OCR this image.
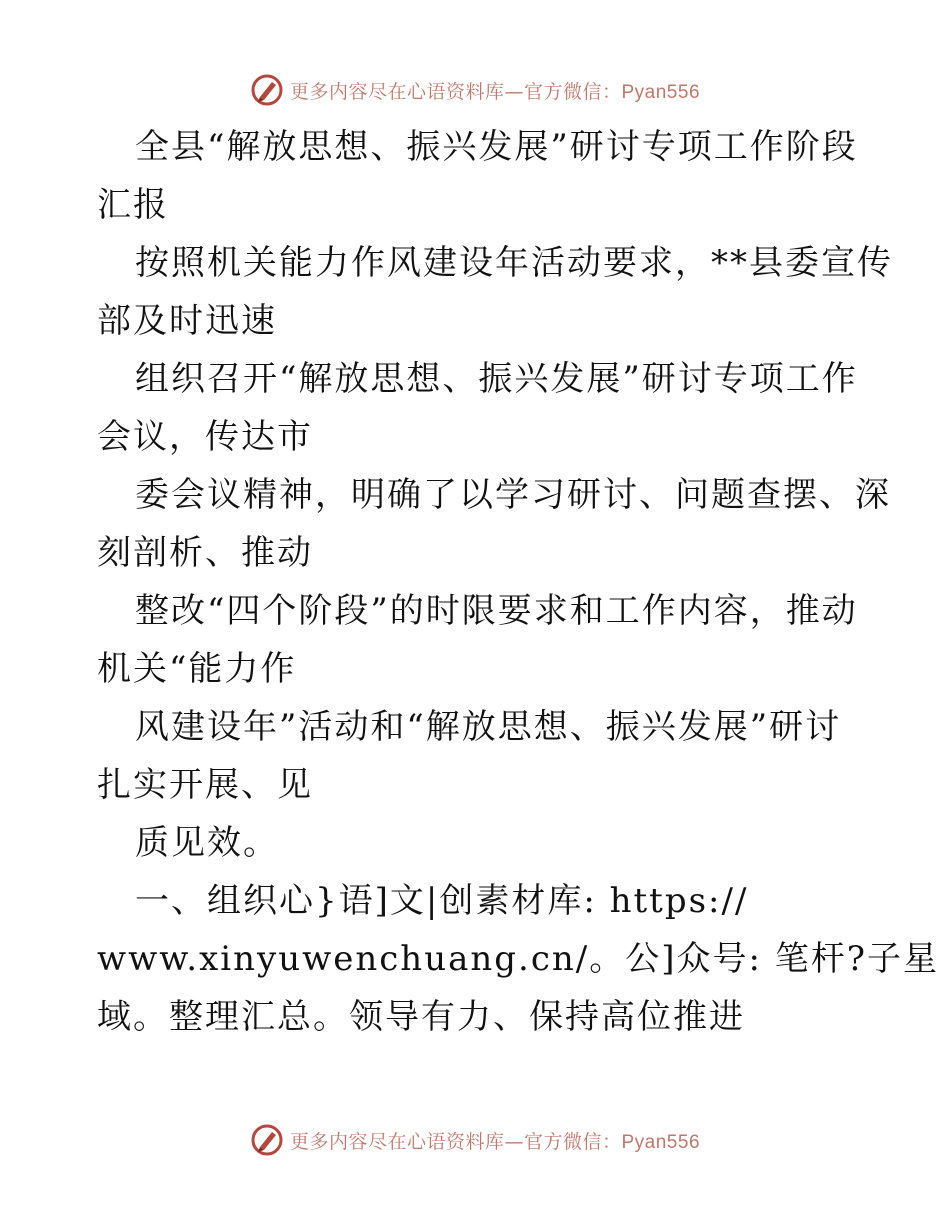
更多内容尽在心语资料库—官方微信：Pyan556
全县“解放思想、振兴发展”研讨专项工作阶段
汇报
按照机关能力作风建设年活动要求，**县委宣传
部及时迅速
组织召开“解放思想、振兴发展”研讨专项工作
会议，传达市
委会议精神，明确了以学习研讨、问题查摆、深
刻剖析、推动
整改“四个阶段”的时限要求和工作内容，推动
机关“能力作
风建设年”活动和“解放思想、振兴发展”研讨
扎实开展、见
质见效。
一、组织心}语]文|创素材库: https://
www.xinyuwenchuang.cn/。公]众号: 笔杆?子星
域。整理汇总。领导有力、保持高位推进
更多内容尽在心语资料库—官方微信：Pyan556
